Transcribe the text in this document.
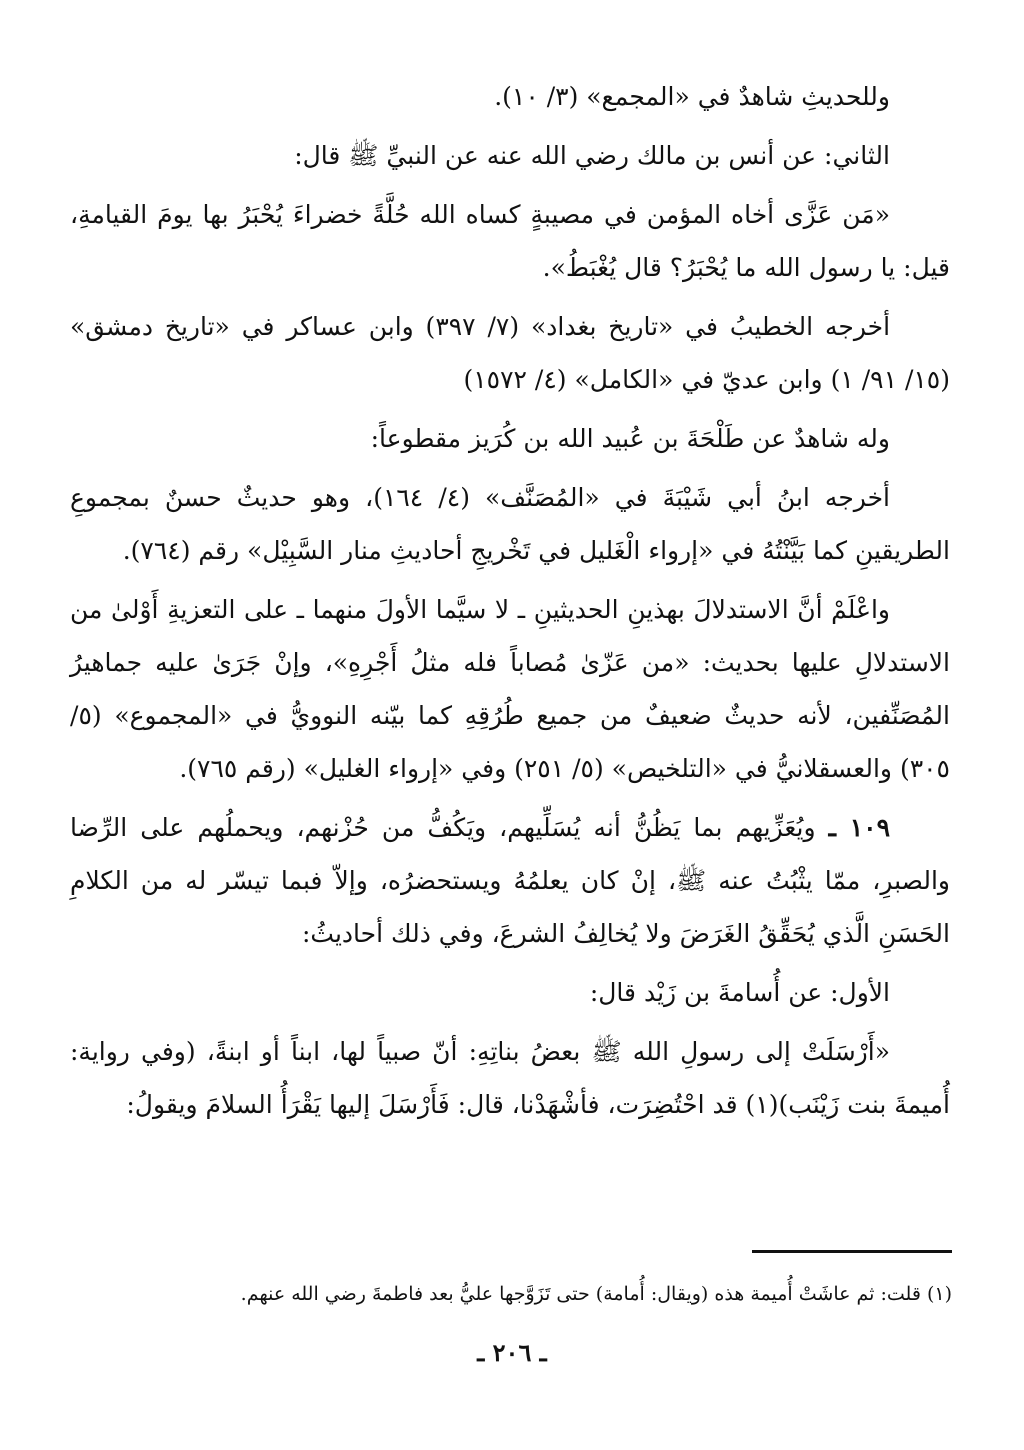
وللحديثِ شاهدٌ في «المجمع» (٣/ ١٠).

الثاني: عن أنس بن مالك رضي الله عنه عن النبيِّ ﷺ قال:

«مَن عَزَّى أخاه المؤمن في مصيبةٍ كساه الله حُلَّةً خضراءَ يُحْبَرُ بها يومَ القيامةِ، قيل: يا رسول الله ما يُحْبَرُ؟ قال يُغْبَطُ».

أخرجه الخطيبُ في «تاريخ بغداد» (٧/ ٣٩٧) وابن عساكر في «تاريخ دمشق» (١٥/ ٩١/ ١) وابن عديّ في «الكامل» (٤/ ١٥٧٢)

وله شاهدٌ عن طَلْحَةَ بن عُبيد الله بن كُرَيز مقطوعاً:

أخرجه ابنُ أبي شَيْبَةَ في «المُصَنَّف» (٤/ ١٦٤)، وهو حديثٌ حسنٌ بمجموعِ الطريقينِ كما بَيَّنْتُهُ في «إرواء الْغَليل في تَخْريجِ أحاديثِ منار السَّبِيْل» رقم (٧٦٤).

واعْلَمْ أنَّ الاستدلالَ بهذينِ الحديثينِ ـ لا سيَّما الأولَ منهما ـ على التعزيةِ أَوْلىٰ من الاستدلالِ عليها بحديث: «من عَزّىٰ مُصاباً فله مثلُ أَجْرِهِ»، وإنْ جَرَىٰ عليه جماهيرُ المُصَنِّفين، لأنه حديثٌ ضعيفٌ من جميع طُرُقِهِ كما بيّنه النوويُّ في «المجموع» (٥/ ٣٠٥) والعسقلانيُّ في «التلخيص» (٥/ ٢٥١) وفي «إرواء الغليل» (رقم ٧٦٥).

١٠٩ ـ ويُعَزِّيهم بما يَظُنُّ أنه يُسَلِّيهم، ويَكُفُّ من حُزْنهم، ويحملُهم على الرِّضا والصبرِ، ممّا يثْبُتُ عنه ﷺ، إنْ كان يعلمُهُ ويستحضرُه، وإلاّ فبما تيسّر له من الكلامِ الحَسَنِ الَّذي يُحَقِّقُ الغَرَضَ ولا يُخالِفُ الشرعَ، وفي ذلك أحاديثُ:

الأول: عن أُسامةَ بن زَيْد قال:

«أَرْسَلَتْ إلى رسولِ الله ﷺ بعضُ بناتِهِ: أنّ صبياً لها، ابناً أو ابنةً، (وفي رواية: أُميمةَ بنت زَيْنَب)(١) قد احْتُضِرَت، فأشْهَدْنا، قال: فَأَرْسَلَ إليها يَقْرَأُ السلامَ ويقولُ:

(١) قلت: ثم عاشَتْ أُميمة هذه (ويقال: أُمامة) حتى تَزَوَّجها عليُّ بعد فاطمةَ رضي الله عنهم.
ـ ٢٠٦ ـ
